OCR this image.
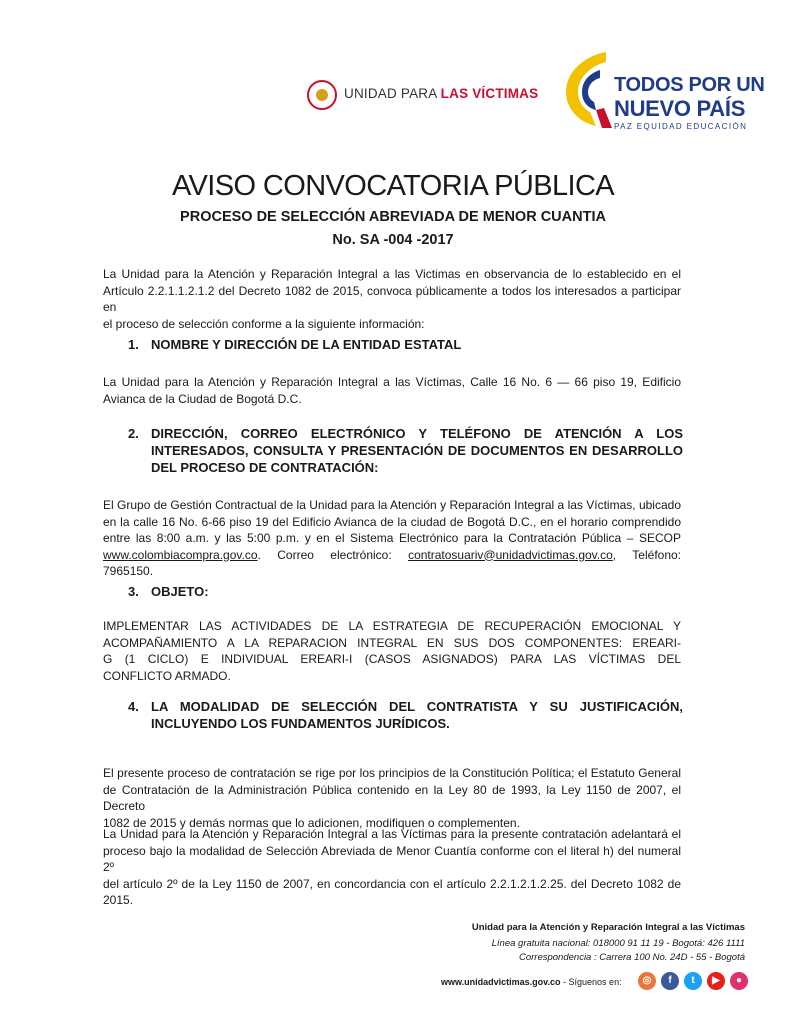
UNIDAD PARA LAS VÍCTIMAS	TODOS POR UN
NUEVO PAÍS
PAZ EQUIDAD EDUCACIÓN
AVISO CONVOCATORIA PÚBLICA
PROCESO DE SELECCIÓN ABREVIADA DE MENOR CUANTIA
No. SA -004 -2017
La Unidad para la Atención y Reparación Integral a las Victimas en observancia de lo establecido en el
Artículo 2.2.1.1.2.1.2 del Decreto 1082 de 2015, convoca públicamente a todos los interesados a participar en
el proceso de selección conforme a la siguiente información:
1. NOMBRE Y DIRECCIÓN DE LA ENTIDAD ESTATAL
La Unidad para la Atención y Reparación Integral a las Víctimas, Calle 16 No. 6 — 66 piso 19, Edificio
Avianca de la Ciudad de Bogotá D.C.
2. DIRECCIÓN, CORREO ELECTRÓNICO Y TELÉFONO DE ATENCIÓN A LOS
INTERESADOS, CONSULTA Y PRESENTACIÓN DE DOCUMENTOS EN DESARROLLO
DEL PROCESO DE CONTRATACIÓN:
El Grupo de Gestión Contractual de la Unidad para la Atención y Reparación Integral a las Víctimas, ubicado
en la calle 16 No. 6-66 piso 19 del Edificio Avianca de la ciudad de Bogotá D.C., en el horario comprendido
entre las 8:00 a.m. y las 5:00 p.m. y en el Sistema Electrónico para la Contratación Pública – SECOP
www.colombiacompra.gov.co. Correo electrónico: contratosuariv@unidadvictimas.gov.co, Teléfono: 7965150.
3. OBJETO:
IMPLEMENTAR LAS ACTIVIDADES DE LA ESTRATEGIA DE RECUPERACIÓN EMOCIONAL Y
ACOMPAÑAMIENTO A LA REPARACION INTEGRAL EN SUS DOS COMPONENTES: EREARI-
G (1 CICLO) E INDIVIDUAL EREARI-I (CASOS ASIGNADOS) PARA LAS VÍCTIMAS DEL
CONFLICTO ARMADO.
4. LA MODALIDAD DE SELECCIÓN DEL CONTRATISTA Y SU JUSTIFICACIÓN,
INCLUYENDO LOS FUNDAMENTOS JURÍDICOS.
El presente proceso de contratación se rige por los principios de la Constitución Política; el Estatuto General
de Contratación de la Administración Pública contenido en la Ley 80 de 1993, la Ley 1150 de 2007, el Decreto
1082 de 2015 y demás normas que lo adicionen, modifiquen o complementen.
La Unidad para la Atención y Reparación Integral a las Víctimas para la presente contratación adelantará el
proceso bajo la modalidad de Selección Abreviada de Menor Cuantía conforme con el literal h) del numeral 2º
del artículo 2º de la Ley 1150 de 2007, en concordancia con el artículo 2.2.1.2.1.2.25. del Decreto 1082 de
2015.
Unidad para la Atención y Reparación Integral a las Víctimas
Línea gratuita nacional: 018000 91 11 19 - Bogotá: 426 1111
Correspondencia : Carrera 100 No. 24D - 55 - Bogotá
www.unidadvictimas.gov.co - Síguenos en:	◎	f	t	▶	●
